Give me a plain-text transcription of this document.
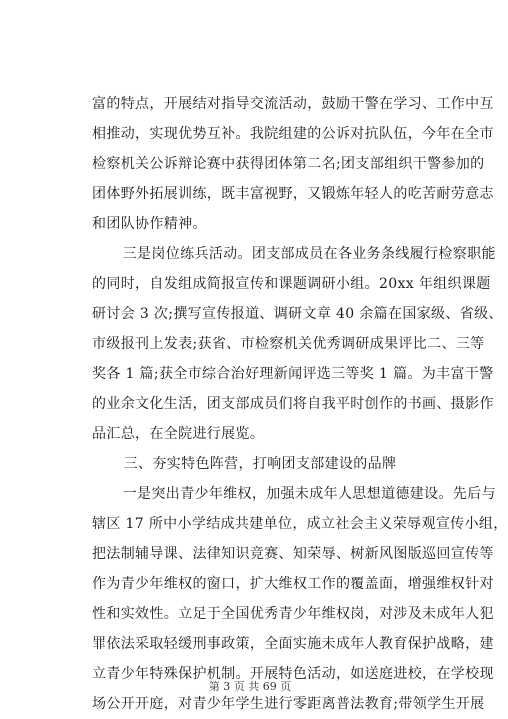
富的特点，开展结对指导交流活动，鼓励干警在学习、工作中互
相推动，实现优势互补。我院组建的公诉对抗队伍，今年在全市
检察机关公诉辩论赛中获得团体第二名;团支部组织干警参加的
团体野外拓展训练，既丰富视野，又锻炼年轻人的吃苦耐劳意志
和团队协作精神。
　　三是岗位练兵活动。团支部成员在各业务条线履行检察职能
的同时，自发组成简报宣传和课题调研小组。20xx 年组织课题
研讨会 3 次;撰写宣传报道、调研文章 40 余篇在国家级、省级、
市级报刊上发表;获省、市检察机关优秀调研成果评比二、三等
奖各 1 篇;获全市综合治好理新闻评选三等奖 1 篇。为丰富干警
的业余文化生活，团支部成员们将自我平时创作的书画、摄影作
品汇总，在全院进行展览。
　　三、夯实特色阵营，打响团支部建设的品牌
　　一是突出青少年维权，加强未成年人思想道德建设。先后与
辖区 17 所中小学结成共建单位，成立社会主义荣辱观宣传小组，
把法制辅导课、法律知识竞赛、知荣辱、树新风图版巡回宣传等
作为青少年维权的窗口，扩大维权工作的覆盖面，增强维权针对
性和实效性。立足于全国优秀青少年维权岗，对涉及未成年人犯
罪依法采取轻缓刑事政策，全面实施未成年人教育保护战略，建
立青少年特殊保护机制。开展特色活动，如送庭进校，在学校现
场公开开庭，对青少年学生进行零距离普法教育;带领学生开展
第 3 页 共 69 页
